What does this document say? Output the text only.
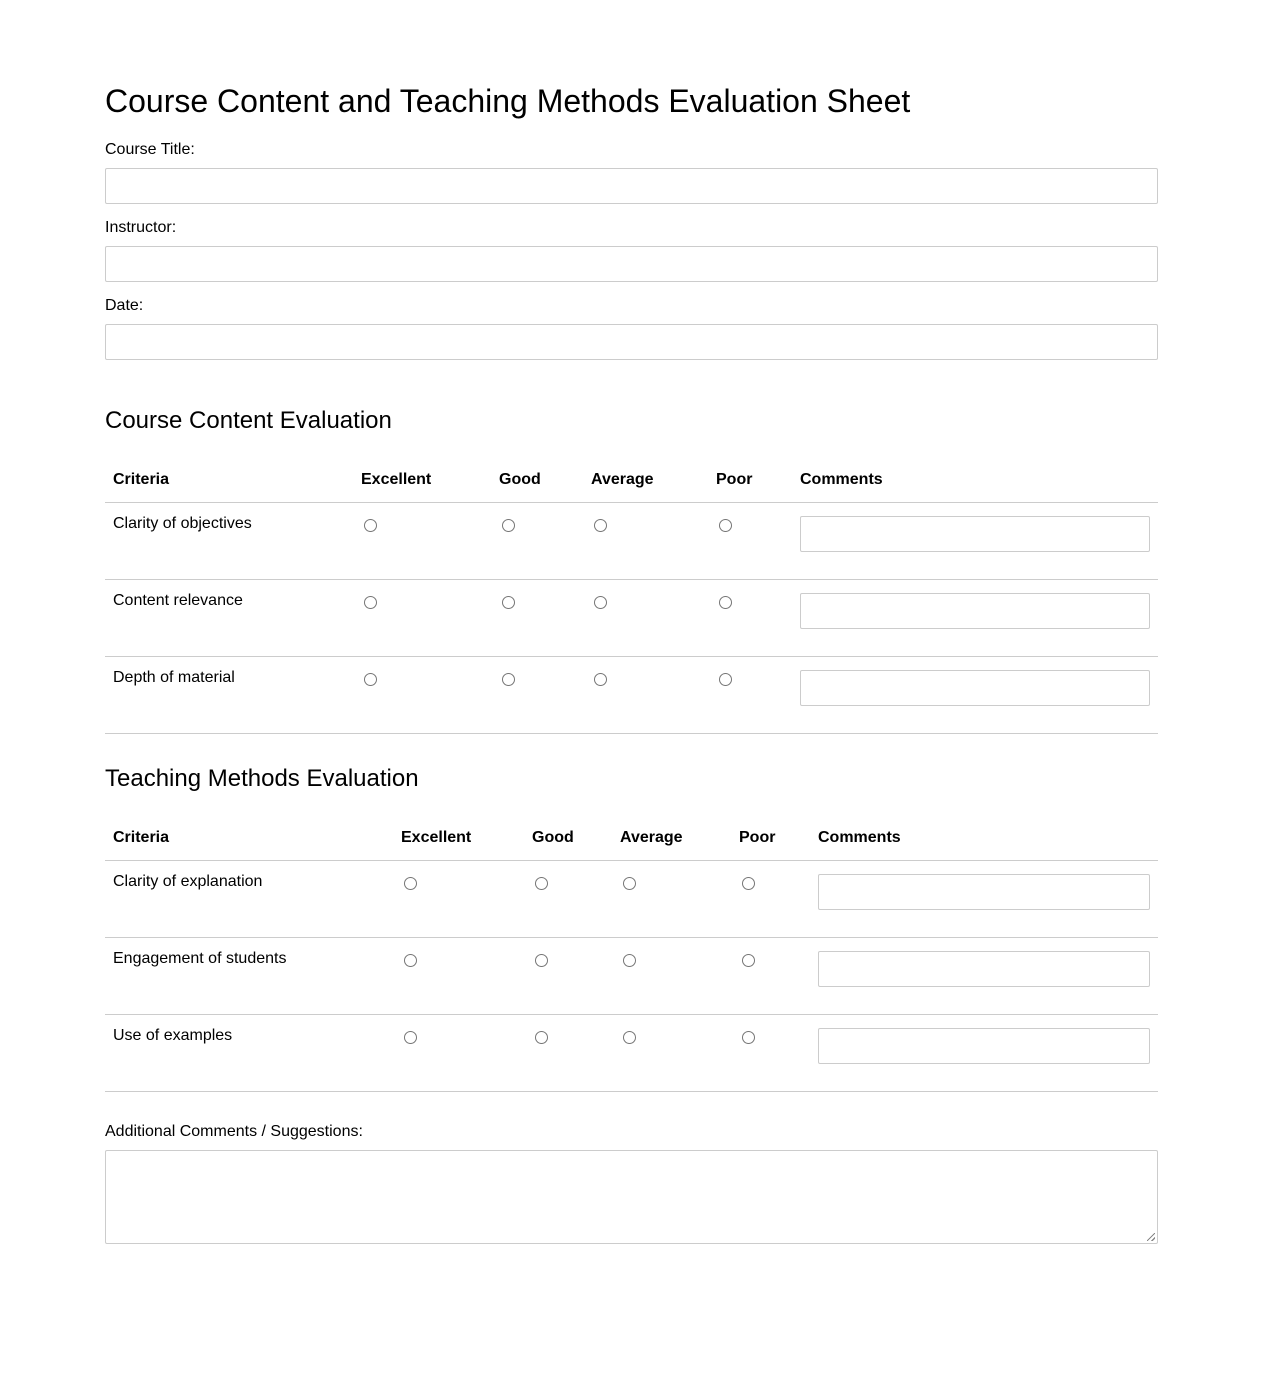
Course Content and Teaching Methods Evaluation Sheet
Course Title:
Instructor:
Date:
Course Content Evaluation
Criteria	Excellent	Good	Average	Poor	Comments
Clarity of objectives					

Content relevance					

Depth of material					
Teaching Methods Evaluation
Criteria	Excellent	Good	Average	Poor	Comments
Clarity of explanation					

Engagement of students					

Use of examples					
Additional Comments / Suggestions:
